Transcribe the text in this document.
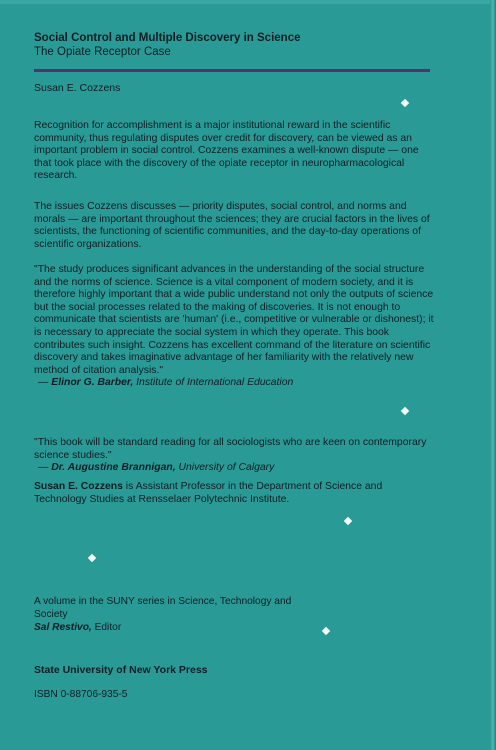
Social Control and Multiple Discovery in Science
The Opiate Receptor Case
Susan E. Cozzens

Recognition for accomplishment is a major institutional reward in the scientific community, thus regulating disputes over credit for discovery, can be viewed as an important problem in social control. Cozzens examines a well-known dispute — one that took place with the discovery of the opiate receptor in neuropharmacological research.

The issues Cozzens discusses — priority disputes, social control, and norms and morals — are important throughout the sciences; they are crucial factors in the lives of scientists, the functioning of scientific communities, and the day-to-day operations of scientific organizations.

"The study produces significant advances in the understanding of the social structure and the norms of science. Science is a vital component of modern society, and it is therefore highly important that a wide public understand not only the outputs of science but the social processes related to the making of discoveries. It is not enough to communicate that scientists are 'human' (i.e., competitive or vulnerable or dishonest); it is necessary to appreciate the social system in which they operate. This book contributes such insight. Cozzens has excellent command of the literature on scientific discovery and takes imaginative advantage of her familiarity with the relatively new method of citation analysis."
— Elinor G. Barber, Institute of International Education

"This book will be standard reading for all sociologists who are keen on contemporary science studies."
— Dr. Augustine Brannigan, University of Calgary

Susan E. Cozzens is Assistant Professor in the Department of Science and Technology Studies at Rensselaer Polytechnic Institute.

A volume in the SUNY series in Science, Technology and Society
Sal Restivo, Editor

State University of New York Press
ISBN 0-88706-935-5
